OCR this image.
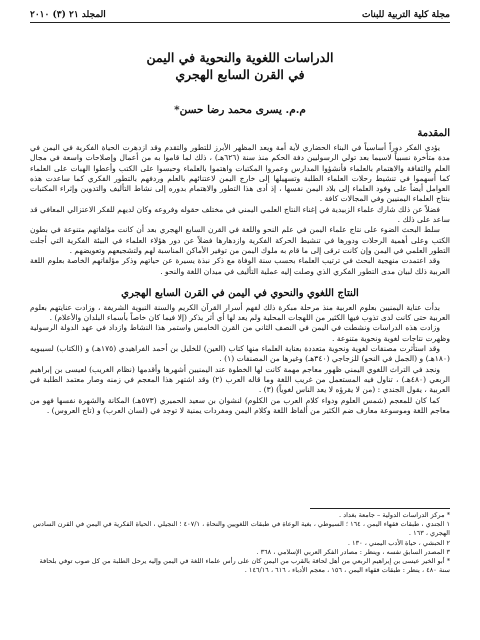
مجلة كلية التربية للبنات
المجلد ٢١ (٣) ٢٠١٠
الدراسات اللغوية والنحوية في اليمن
في القرن السابع الهجري
م.م. يسرى محمد رضا حسن*
المقدمة

يؤدي الفكر دوراً أساسياً في البناء الحضاري لأية أمة ويعد المظهر الأبرز للتطور والتقدم وقد ازدهرت الحياة الفكرية في اليمن في مدة متأخرة نسبياً لاسيما بعد تولي الرسوليين دفة الحكم منذ سنة (٦٢٦هـ) ، ذلك لما قاموا به من أعمال وإصلاحات واسعة في مجال العلم والثقافة والاهتمام بالعلماء فأنشؤوا المدارس وعمروا المكتبات واهتموا بالعلماء وحبسوا على الكتب وأعطوا الهبات على العلماء كما أسهموا في تنشيط رحلات العلماء الطلبة وتسهيلها إلى خارج اليمن لاعتنائهم بالعلم وردفهم بالتطور الفكري كما ساعدت هذه العوامل أيضاً على وفود العلماء إلى بلاد اليمن نفسها ، إذ أدى هذا التطور والاهتمام بدوره إلى نشاط التأليف والتدوين وإثراء المكتبات بنتاج العلماء اليمنيين وفي المجالات كافة .

فضلاً عن ذلك شارك علماء الزبيدية في إغناء النتاج العلمي اليمني في مختلف حقوله وفروعه وكان لديهم للفكر الاعتزالي المعافي قد ساعد على ذلك .

سلط البحث الضوء على نتاج علماء اليمن في علم النحو واللغة في القرن السابع الهجري بعد أن كانت مؤلفاتهم متنوعة في بطون الكتب وعلى أهمية الرحلات ودورها في تنشيط الحركة الفكرية وازدهارها فضلاً عن دور هؤلاء العلماء في البيئة الفكرية التي أجلت التطور العلمي في اليمن وإن كانت ترقى إلى ما قام به ملوك اليمن من توفير الأماكن المناسبة لهم ولتشجيعهم وتعويضهم .

وقد اعتمدت منهجية البحث في ترتيب العلماء بحسب سنة الوفاة مع ذكر نبذة يسيرة عن حياتهم وذكر مؤلفاتهم الخاصة بعلوم اللغة العربية ذلك لبيان مدى التطور الفكري الذي وصلت إليه عملية التأليف في ميدان اللغة والنحو .

النتاج اللغوي والنحوي في اليمن في القرن السابع الهجري

بدأت عناية اليمنيين بعلوم العربية منذ مرحلة مبكرة ذلك لفهم أسرار القرآن الكريم والسنة النبوية الشريفة ، وزادت عنايتهم بعلوم العربية حتى كانت لدى تذوب فيها الكثير من اللهجات المحلية ولم يعد لها أي أثر يذكر (إلا فيما كان خاصاً بأسماء البلدان والأعلام) .

وزادت هذه الدراسات ونشطت في اليمن في النصف الثاني من القرن الخامس واستمر هذا النشاط وازداد في عهد الدولة الرسولية وظهرت نتاجات لغوية ونحوية متنوعة .

وقد استأثرت مصنفات لغوية ونحوية متعددة بعناية العلماء منها كتاب (العين) للخليل بن أحمد الفراهيدي (١٧٥هـ) و (الكتاب) لسيبويه (١٨٠هـ) و (الجمل في النحو) للزجاجي (٣٤٠هـ) وغيرها من المصنفات (١) .

ونجد في التراث اللغوي اليمني ظهور معاجم مهمة كانت لها الخطوة عند اليمنيين أشهرها وأقدمها (نظام الغريب) لعيسى بن إبراهيم الربعي (٤٨٠هـ) ، تناول فيه المستعمل من غريب اللغة وما قاله العرب (٢) وقد اشتهر هذا المعجم في زمنه وصار معتمد الطلبة في العربية ، يقول الجندي : (من لا يقرؤه لا يعد الناس لغوياً) (٣) .

كما كان للمعجم (شمس العلوم ودواء كلام العرب من الكلوم) لنشوان بن سعيد الحميري (٥٧٣هـ) المكانة والشهرة نفسها فهو من معاجم اللغة وموسوعة معارف ضم الكثير من ألفاظ اللغة وكلام اليمن ومفردات يمنية لا توجد في (لسان العرب) و (تاج العروس) .

* مركز الدراسات الدولية – جامعة بغداد .

١ الجندي ، طبقات فقهاء اليمن ، ١٦٤ ؛ السيوطي ، بغية الوعاة في طبقات اللغويين والنحاة ، ٤٠٧/١ ؛ النجيلي ، الحياة الفكرية في اليمن في القرن السادس الهجري ، ١٦٣ .

٢ الحبشي ، حياة الأدب اليمني ، ١٣٠ .

٣ المصدر السابق نفسه ، وينظر : مصادر الفكر العربي الإسلامي ، ٣٦٨ .

* أبو الخير عيسى بن إبراهيم الربعي من أهل لحافة بالقرب من اليمن كان على رأس علماء اللغة في اليمن وإليه يرحل الطلبة من كل صوب توفي بلحافة سنة ٤٨٠ ، ينظر : طبقات فقهاء اليمن ، ١٥٦ ، معجم الأدباء ، ٦١٦ ، ١٤٦/١٦ .
